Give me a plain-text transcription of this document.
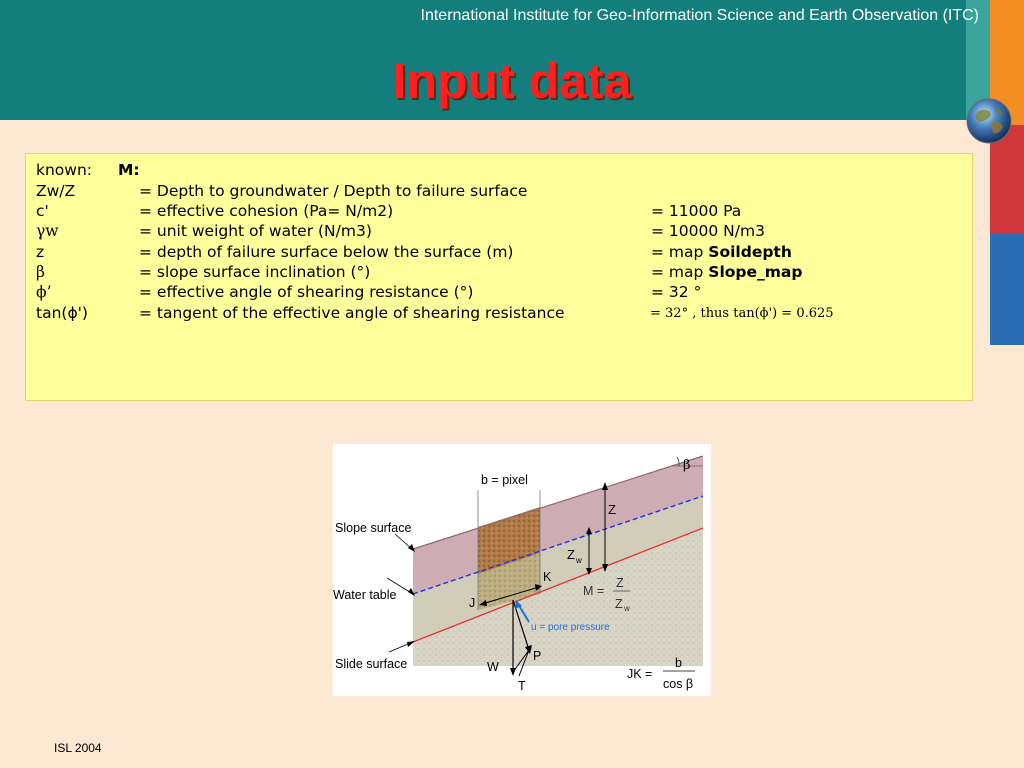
International Institute for Geo-Information Science and Earth Observation (ITC)
Input data
known: M:
Zw/Z	= Depth to groundwater / Depth to failure surface
c'	= effective cohesion (Pa= N/m2)	= 11000 Pa
γw	= unit weight of water (N/m3)	= 10000 N/m3
z	= depth of failure surface below the surface (m)	= map Soildepth
β	= slope surface inclination (°)	= map Slope_map
ϕ’	= effective angle of shearing resistance (°)	= 32 °
tan(ϕ')	= tangent of the effective angle of shearing resistance	= 32° , thus tan(ϕ') = 0.625
b = pixel
β
Slope surface
Water table
Slide surface
Z
Z w
K
J
M =
Z
Z w
u = pore pressure
P
W
T
JK =
b
cos β
ISL 2004
